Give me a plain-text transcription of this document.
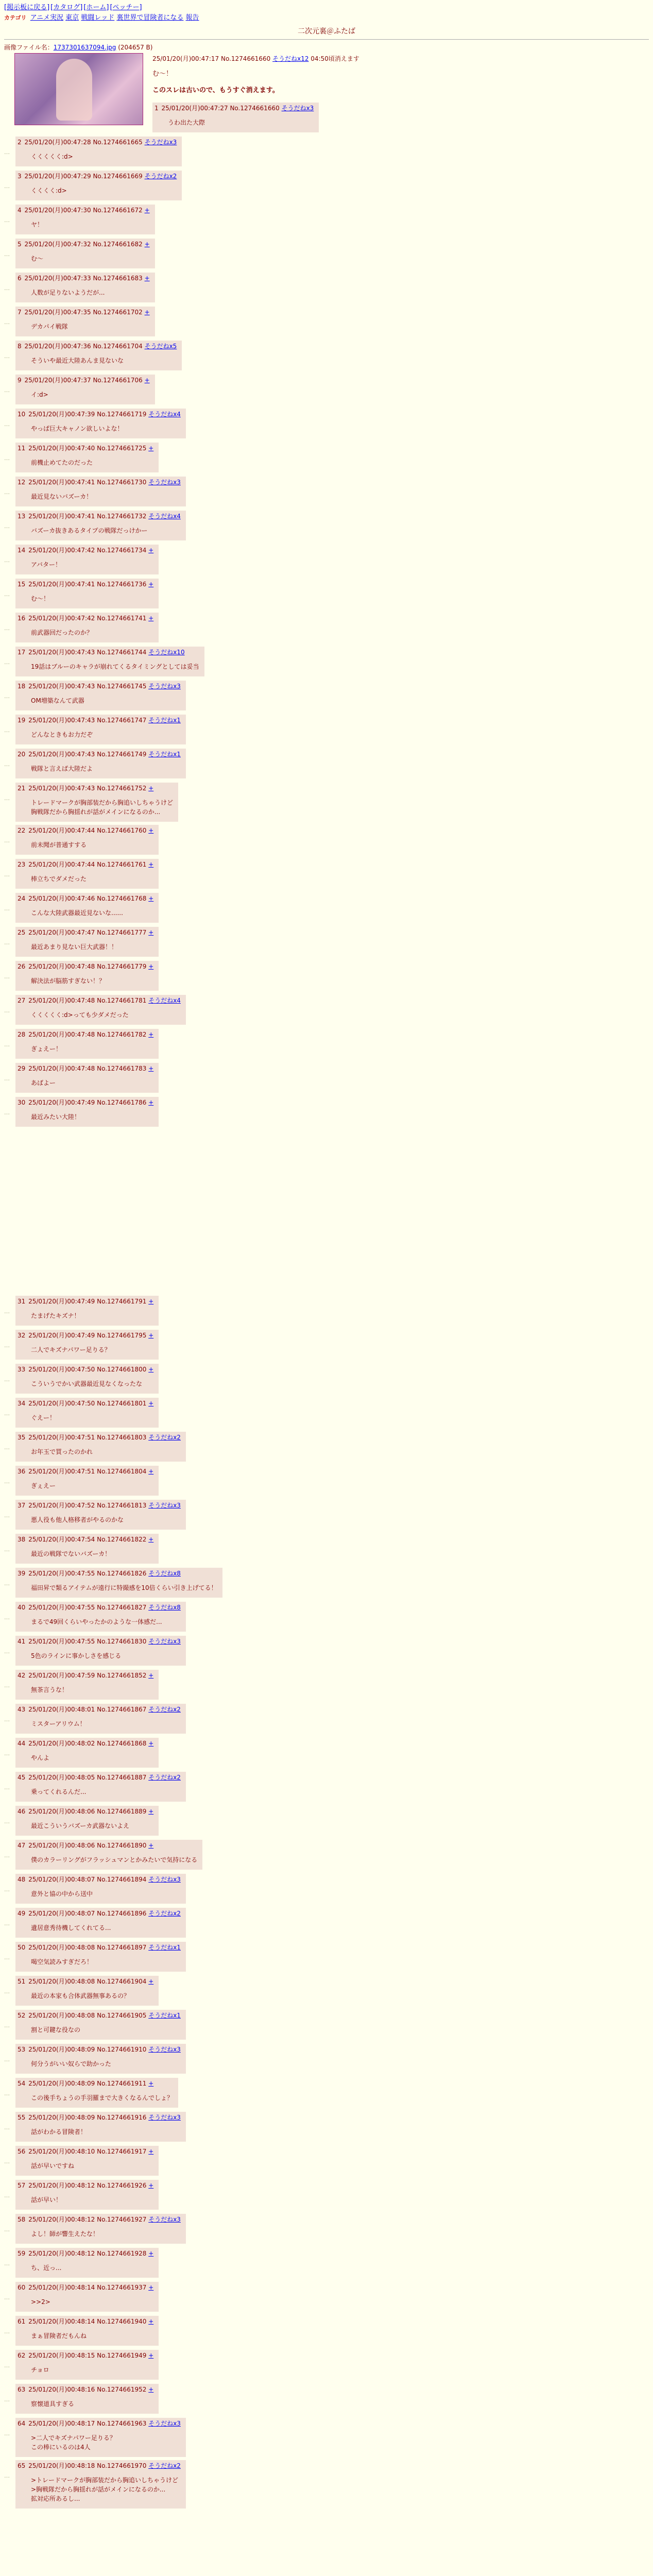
[掲示板に戻る] [カタログ] [ホーム] [ペッチー]
カテゴリ アニメ実況 東京 戦闘レッド 裏世界で冒険者になる 報告
二次元裏＠ふたば
画像ファイル名：1737301637094.jpg (204657 B)
25/01/20(月)00:47:17 No.1274661660 そうだねx12 04:50頃消えます

む～！

このスレは古いので、もうすぐ消えます。

1 25/01/20(月)00:47:27 No.1274661660 そうだねx3
うわ出た大際
…
2 25/01/20(月)00:47:28 No.1274661665 そうだねx3
くくくくく:d>
…
3 25/01/20(月)00:47:29 No.1274661669 そうだねx2
くくくく:d>
…
4 25/01/20(月)00:47:30 No.1274661672 +
ヤ！
…
5 25/01/20(月)00:47:32 No.1274661682 +
む～
…
6 25/01/20(月)00:47:33 No.1274661683 +
人数が足りないようだが...
…
7 25/01/20(月)00:47:35 No.1274661702 +
デカパイ戦隊
…
8 25/01/20(月)00:47:36 No.1274661704 そうだねx5
そういや最近大陸あんま見ないな
…
9 25/01/20(月)00:47:37 No.1274661706 +
イ:d>
…
10 25/01/20(月)00:47:39 No.1274661719 そうだねx4
やっぱ巨大キャノン欲しいよな！
…
11 25/01/20(月)00:47:40 No.1274661725 +
前機止めてたのだった
…
12 25/01/20(月)00:47:41 No.1274661730 そうだねx3
最近見ないバズーカ！
…
13 25/01/20(月)00:47:41 No.1274661732 そうだねx4
バズーカ抜きあるタイプの戦隊だっけかー
…
14 25/01/20(月)00:47:42 No.1274661734 +
アバター！
…
15 25/01/20(月)00:47:41 No.1274661736 +
む～！
…
16 25/01/20(月)00:47:42 No.1274661741 +
前武器回だったのか？
…
17 25/01/20(月)00:47:43 No.1274661744 そうだねx10
19話はブルーのキャラが崩れてくるタイミングとしては妥当
…
18 25/01/20(月)00:47:43 No.1274661745 そうだねx3
OM増築なんて武器
…
19 25/01/20(月)00:47:43 No.1274661747 そうだねx1
どんなときもお力だぞ
…
20 25/01/20(月)00:47:43 No.1274661749 そうだねx1
戦隊と言えば大陸だよ
…
21 25/01/20(月)00:47:43 No.1274661752 +
トレードマークが胸部装だから胸追いしちゃうけど
胸戦隊だから胸揺れが話がメインになるのか...
…
22 25/01/20(月)00:47:44 No.1274661760 +
前未聞が普通すする
…
23 25/01/20(月)00:47:44 No.1274661761 +
棒立ちでダメだった
…
24 25/01/20(月)00:47:46 No.1274661768 +
こんな大陸武器最近見ないな......
…
25 25/01/20(月)00:47:47 No.1274661777 +
最近あまり見ない巨大武器！！
…
26 25/01/20(月)00:47:48 No.1274661779 +
解決法が脳筋すぎない！？
…
27 25/01/20(月)00:47:48 No.1274661781 そうだねx4
くくくくく:d>っても少ダメだった
…
28 25/01/20(月)00:47:48 No.1274661782 +
ぎょえー！
…
29 25/01/20(月)00:47:48 No.1274661783 +
あばよー
…
30 25/01/20(月)00:47:49 No.1274661786 +
最近みたい大陸！
…
31 25/01/20(月)00:47:49 No.1274661791 +
たまげたキズナ！
…
32 25/01/20(月)00:47:49 No.1274661795 +
二人でキズナパワー足りる？
…
33 25/01/20(月)00:47:50 No.1274661800 +
こういうでかい武器最近見なくなったな
…
34 25/01/20(月)00:47:50 No.1274661801 +
ぐえー！
…
35 25/01/20(月)00:47:51 No.1274661803 そうだねx2
お年玉で買ったのかれ
…
36 25/01/20(月)00:47:51 No.1274661804 +
ぎぇえー
…
37 25/01/20(月)00:47:52 No.1274661813 そうだねx3
悪人役も他人格移者がやるのかな
…
38 25/01/20(月)00:47:54 No.1274661822 +
最近の戦隊でないバズーカ！
…
39 25/01/20(月)00:47:55 No.1274661826 そうだねx8
福田昇で類るアイテムが遠行に特撮感を10倍くらい引き上げてる！
…
40 25/01/20(月)00:47:55 No.1274661827 そうだねx8
まるで49回くらいやったかのような一体感だ...
…
41 25/01/20(月)00:47:55 No.1274661830 そうだねx3
5色のラインに事かしさを感じる
…
42 25/01/20(月)00:47:59 No.1274661852 +
無茶言うな！
…
43 25/01/20(月)00:48:01 No.1274661867 そうだねx2
ミスターアリウム！
…
44 25/01/20(月)00:48:02 No.1274661868 +
やんよ
…
45 25/01/20(月)00:48:05 No.1274661887 そうだねx2
乗ってくれるんだ...
…
46 25/01/20(月)00:48:06 No.1274661889 +
最近こういうバズーカ武器ないよえ
…
47 25/01/20(月)00:48:06 No.1274661890 +
僕のカラーリングがフラッシュマンとかみたいで気持になる
…
48 25/01/20(月)00:48:07 No.1274661894 そうだねx3
意外と協の中から送中
…
49 25/01/20(月)00:48:07 No.1274661896 そうだねx2
遺居意秀待機してくれてる...
…
50 25/01/20(月)00:48:08 No.1274661897 そうだねx1
喝空気読みすぎだろ！
…
51 25/01/20(月)00:48:08 No.1274661904 +
最近の本家も合体武器無事あるの？
…
52 25/01/20(月)00:48:08 No.1274661905 そうだねx1
割と可鍵な役なの
…
53 25/01/20(月)00:48:09 No.1274661910 そうだねx3
何分うがいい奴らで助かった
…
54 25/01/20(月)00:48:09 No.1274661911 +
この後手ちょうの手羽羅まで大きくなるんでしょ？
…
55 25/01/20(月)00:48:09 No.1274661916 そうだねx3
話がわかる冒険者！
…
56 25/01/20(月)00:48:10 No.1274661917 +
話が早いですね
…
57 25/01/20(月)00:48:12 No.1274661926 +
話が早い！
…
58 25/01/20(月)00:48:12 No.1274661927 そうだねx3
よし！師が響生えたな！
…
59 25/01/20(月)00:48:12 No.1274661928 +
ち、近っ...
…
60 25/01/20(月)00:48:14 No.1274661937 +
>>2>
…
61 25/01/20(月)00:48:14 No.1274661940 +
まぁ冒険者だもんね
…
62 25/01/20(月)00:48:15 No.1274661949 +
チョロ
…
63 25/01/20(月)00:48:16 No.1274661952 +
察懐道具すぎる
…
64 25/01/20(月)00:48:17 No.1274661963 そうだねx3
>二人でキズナパワー足りる？
この棒にいるのは4人
…
65 25/01/20(月)00:48:18 No.1274661970 そうだねx2
>トレードマークが胸部装だから胸追いしちゃうけど
>胸戦隊だから胸揺れが話がメインになるのか...
拡対応所あるし...
